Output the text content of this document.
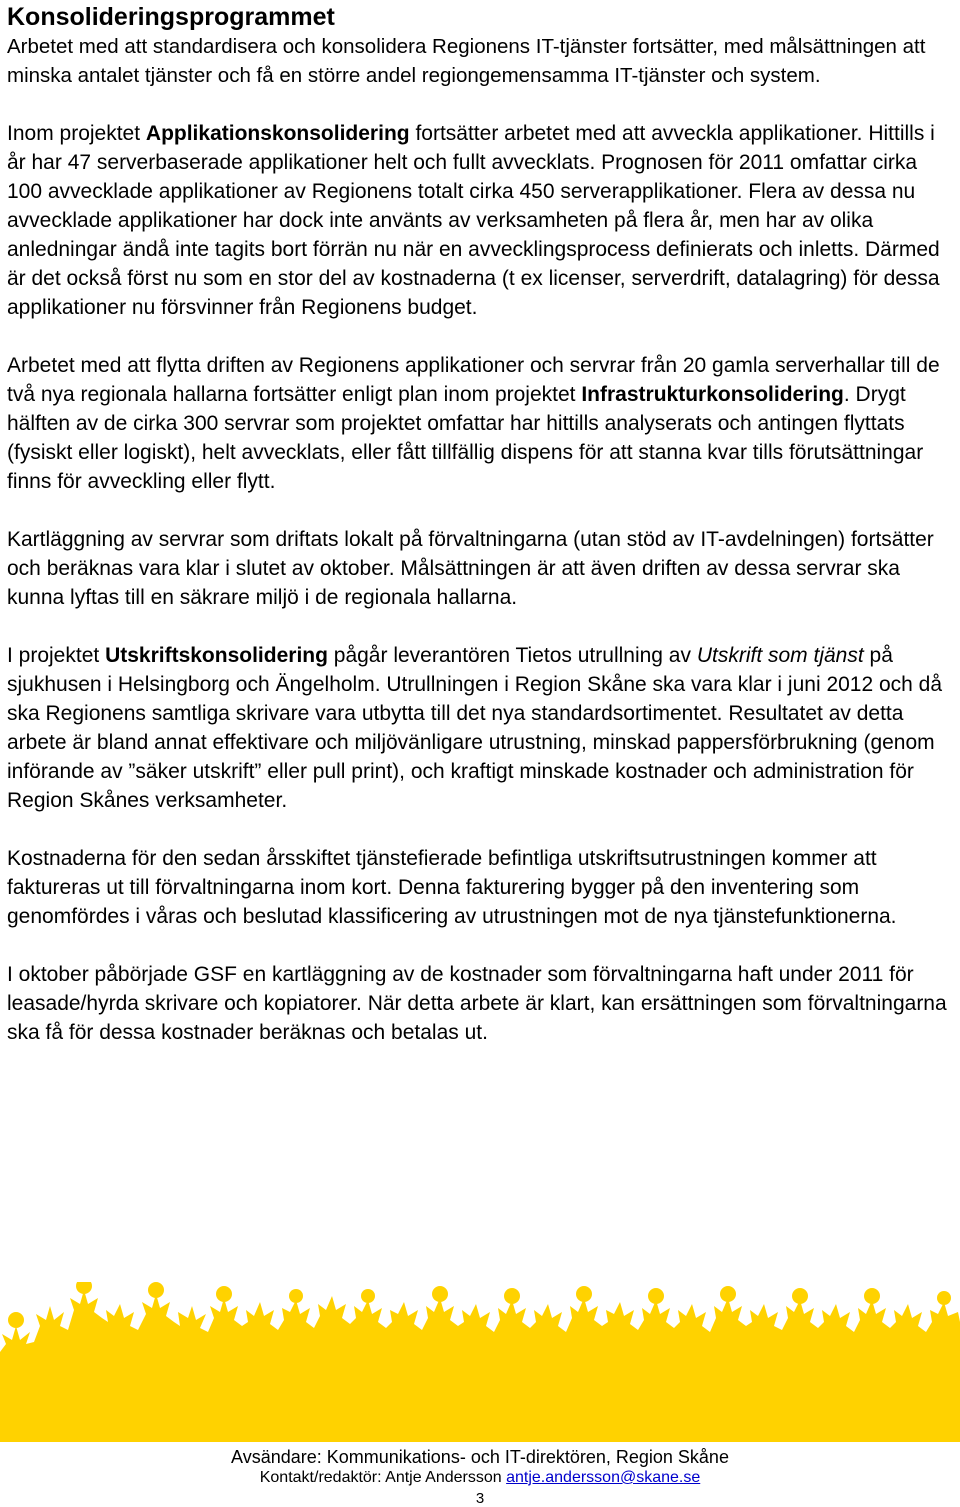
Konsolideringsprogrammet

Arbetet med att standardisera och konsolidera Regionens IT-tjänster fortsätter, med målsättningen att minska antalet tjänster och få en större andel regiongemensamma IT-tjänster och system.

Inom projektet Applikationskonsolidering fortsätter arbetet med att avveckla applikationer. Hittills i år har 47 serverbaserade applikationer helt och fullt avvecklats. Prognosen för 2011 omfattar cirka 100 avvecklade applikationer av Regionens totalt cirka 450 serverapplikationer. Flera av dessa nu avvecklade applikationer har dock inte använts av verksamheten på flera år, men har av olika anledningar ändå inte tagits bort förrän nu när en avvecklingsprocess definierats och inletts. Därmed är det också först nu som en stor del av kostnaderna (t ex licenser, serverdrift, datalagring) för dessa applikationer nu försvinner från Regionens budget.

Arbetet med att flytta driften av Regionens applikationer och servrar från 20 gamla serverhallar till de två nya regionala hallarna fortsätter enligt plan inom projektet Infrastrukturkonsolidering. Drygt hälften av de cirka 300 servrar som projektet omfattar har hittills analyserats och antingen flyttats (fysiskt eller logiskt), helt avvecklats, eller fått tillfällig dispens för att stanna kvar tills förutsättningar finns för avveckling eller flytt.

Kartläggning av servrar som driftats lokalt på förvaltningarna (utan stöd av IT-avdelningen) fortsätter och beräknas vara klar i slutet av oktober. Målsättningen är att även driften av dessa servrar ska kunna lyftas till en säkrare miljö i de regionala hallarna.

I projektet Utskriftskonsolidering pågår leverantören Tietos utrullning av Utskrift som tjänst på sjukhusen i Helsingborg och Ängelholm. Utrullningen i Region Skåne ska vara klar i juni 2012 och då ska Regionens samtliga skrivare vara utbytta till det nya standardsortimentet. Resultatet av detta arbete är bland annat effektivare och miljövänligare utrustning, minskad pappersförbrukning (genom införande av ”säker utskrift” eller pull print), och kraftigt minskade kostnader och administration för Region Skånes verksamheter.

Kostnaderna för den sedan årsskiftet tjänstefierade befintliga utskriftsutrustningen kommer att faktureras ut till förvaltningarna inom kort. Denna fakturering bygger på den inventering som genomfördes i våras och beslutad klassificering av utrustningen mot de nya tjänstefunktionerna.

I oktober påbörjade GSF en kartläggning av de kostnader som förvaltningarna haft under 2011 för leasade/hyrda skrivare och kopiatorer. När detta arbete är klart, kan ersättningen som förvaltningarna ska få för dessa kostnader beräknas och betalas ut.

Avsändare: Kommunikations- och IT-direktören, Region Skåne
Kontakt/redaktör: Antje Andersson antje.andersson@skane.se
3
